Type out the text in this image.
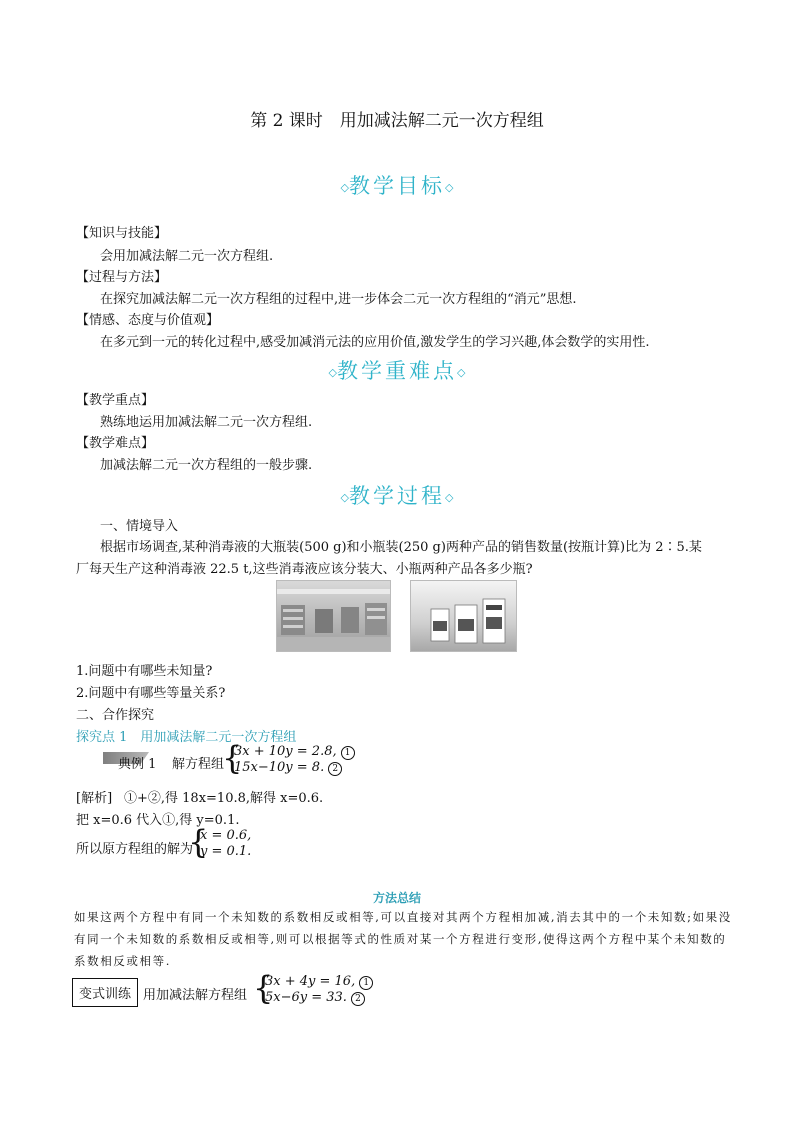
第 2 课时　用加减法解二元一次方程组
◇教学目标◇
【知识与技能】
会用加减法解二元一次方程组.
【过程与方法】
在探究加减法解二元一次方程组的过程中,进一步体会二元一次方程组的“消元”思想.
【情感、态度与价值观】
在多元到一元的转化过程中,感受加减消元法的应用价值,激发学生的学习兴趣,体会数学的实用性.
◇教学重难点◇
【教学重点】
熟练地运用加减法解二元一次方程组.
【教学难点】
加减法解二元一次方程组的一般步骤.
◇教学过程◇
一、情境导入
根据市场调查,某种消毒液的大瓶装(500 g)和小瓶装(250 g)两种产品的销售数量(按瓶计算)比为 2∶5.某
厂每天生产这种消毒液 22.5 t,这些消毒液应该分装大、小瓶两种产品各多少瓶?
1.问题中有哪些未知量?
2.问题中有哪些等量关系?
二、合作探究
探究点 1　用加减法解二元一次方程组
典例 1 解方程组
{
3x + 10y = 2.8, 1
15x−10y = 8. 2
[解析] ①+②,得 18x=10.8,解得 x=0.6.
把 x=0.6 代入①,得 y=0.1.
所以原方程组的解为
{
x = 0.6,
y = 0.1.
方法总结
如果这两个方程中有同一个未知数的系数相反或相等,可以直接对其两个方程相加减,消去其中的一个未知数;如果没有同一个未知数的系数相反或相等,则可以根据等式的性质对某一个方程进行变形,使得这两个方程中某个未知数的系数相反或相等.
变式训练 用加减法解方程组 {
3x + 4y = 16, 1
5x−6y = 33. 2
